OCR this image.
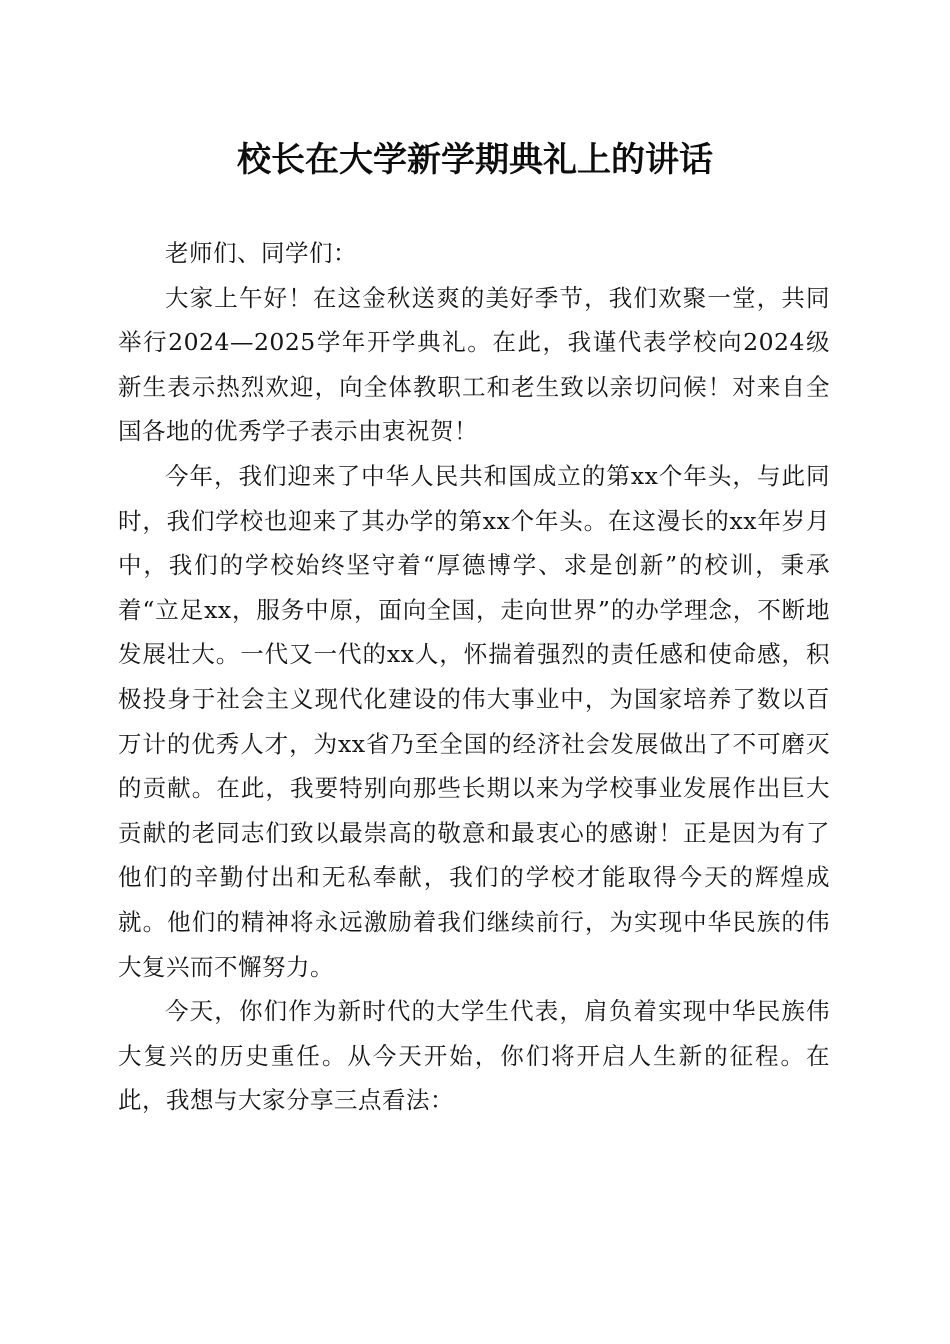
校长在大学新学期典礼上的讲话

老师们、同学们：

大家上午好！在这金秋送爽的美好季节，我们欢聚一堂，共同举行2024—2025学年开学典礼。在此，我谨代表学校向2024级新生表示热烈欢迎，向全体教职工和老生致以亲切问候！对来自全国各地的优秀学子表示由衷祝贺！

今年，我们迎来了中华人民共和国成立的第xx个年头，与此同时，我们学校也迎来了其办学的第xx个年头。在这漫长的xx年岁月中，我们的学校始终坚守着“厚德博学、求是创新”的校训，秉承着“立足xx，服务中原，面向全国，走向世界”的办学理念，不断地发展壮大。一代又一代的xx人，怀揣着强烈的责任感和使命感，积极投身于社会主义现代化建设的伟大事业中，为国家培养了数以百万计的优秀人才，为xx省乃至全国的经济社会发展做出了不可磨灭的贡献。在此，我要特别向那些长期以来为学校事业发展作出巨大贡献的老同志们致以最崇高的敬意和最衷心的感谢！正是因为有了他们的辛勤付出和无私奉献，我们的学校才能取得今天的辉煌成就。他们的精神将永远激励着我们继续前行，为实现中华民族的伟大复兴而不懈努力。

今天，你们作为新时代的大学生代表，肩负着实现中华民族伟大复兴的历史重任。从今天开始，你们将开启人生新的征程。在此，我想与大家分享三点看法：
